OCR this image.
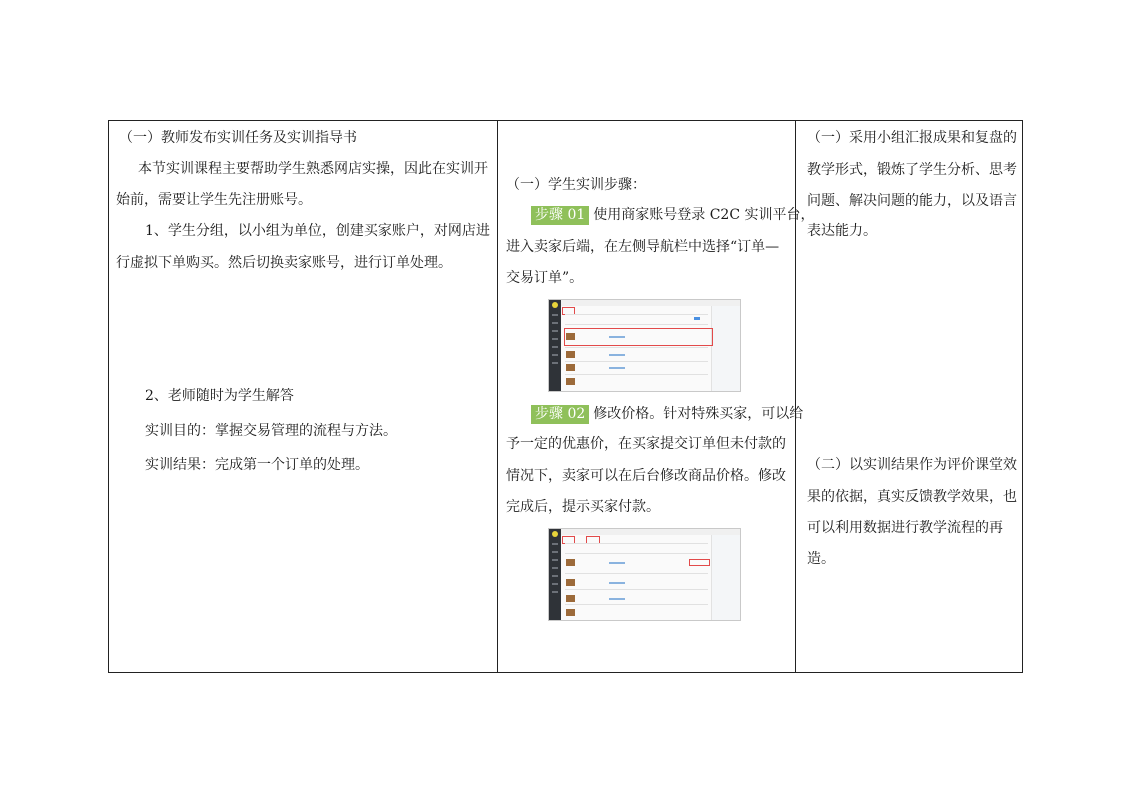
（一）教师发布实训任务及实训指导书
本节实训课程主要帮助学生熟悉网店实操，因此在实训开
始前，需要让学生先注册账号。
1、学生分组，以小组为单位，创建买家账户，对网店进
行虚拟下单购买。然后切换卖家账号，进行订单处理。
2、老师随时为学生解答
实训目的：掌握交易管理的流程与方法。
实训结果：完成第一个订单的处理。
（一）学生实训步骤：
步骤 01 使用商家账号登录 C2C 实训平台，
进入卖家后端，在左侧导航栏中选择“订单—
交易订单”。
步骤 02 修改价格。针对特殊买家，可以给
予一定的优惠价，在买家提交订单但未付款的
情况下，卖家可以在后台修改商品价格。修改
完成后，提示买家付款。
（一）采用小组汇报成果和复盘的
教学形式，锻炼了学生分析、思考
问题、解决问题的能力，以及语言
表达能力。
（二）以实训结果作为评价课堂效
果的依据，真实反馈教学效果，也
可以利用数据进行教学流程的再
造。
